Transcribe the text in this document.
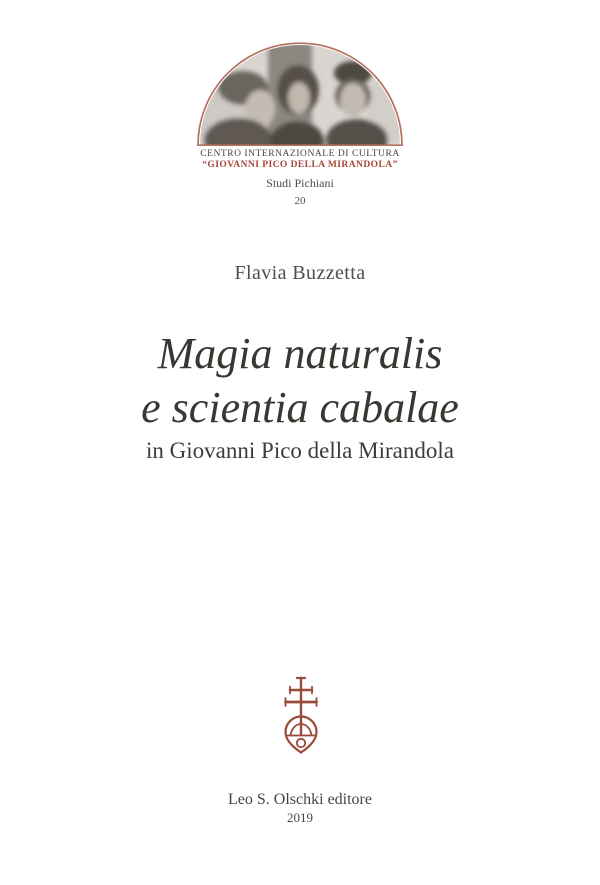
CENTRO INTERNAZIONALE DI CULTURA
“GIOVANNI PICO DELLA MIRANDOLA”
Studi Pichiani
20
Flavia Buzzetta
Magia naturalis
e scientia cabalae
in Giovanni Pico della Mirandola
Leo S. Olschki editore
2019
